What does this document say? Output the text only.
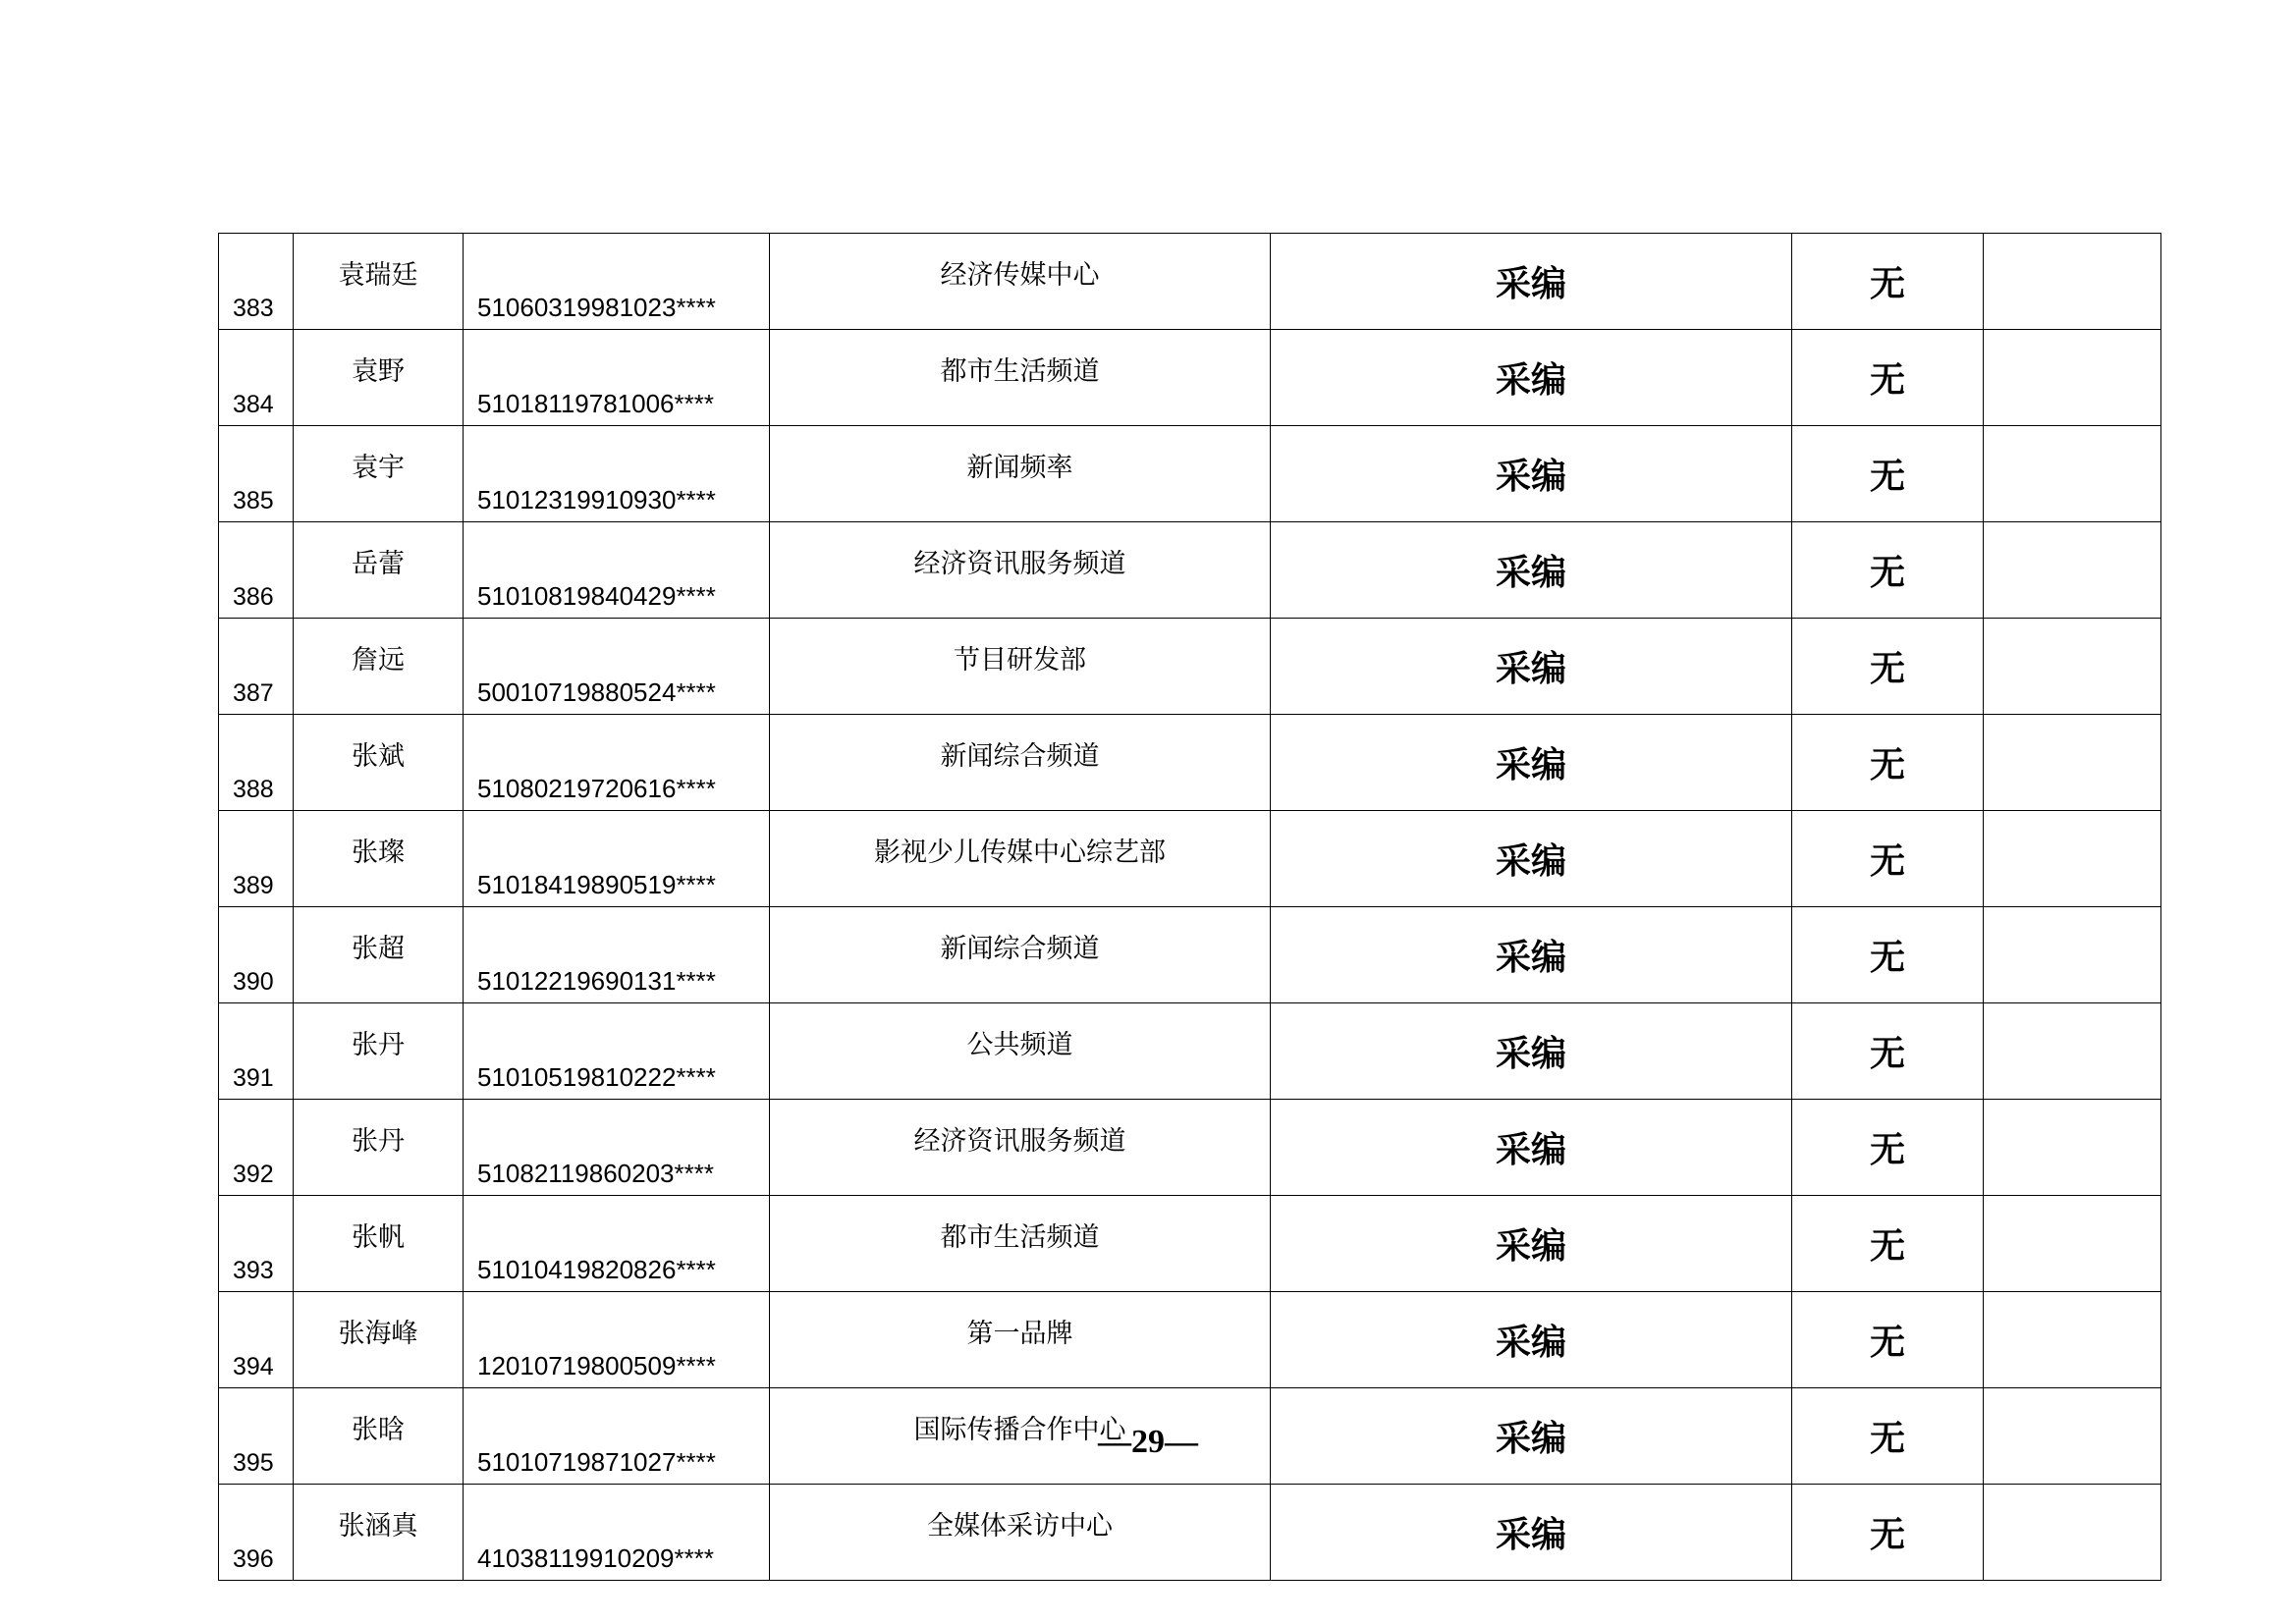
383	袁瑞廷	51060319981023****	经济传媒中心	采编	无	
384	袁野	51018119781006****	都市生活频道	采编	无	
385	袁宇	51012319910930****	新闻频率	采编	无	
386	岳蕾	51010819840429****	经济资讯服务频道	采编	无	
387	詹远	50010719880524****	节目研发部	采编	无	
388	张斌	51080219720616****	新闻综合频道	采编	无	
389	张璨	51018419890519****	影视少儿传媒中心综艺部	采编	无	
390	张超	51012219690131****	新闻综合频道	采编	无	
391	张丹	51010519810222****	公共频道	采编	无	
392	张丹	51082119860203****	经济资讯服务频道	采编	无	
393	张帆	51010419820826****	都市生活频道	采编	无	
394	张海峰	12010719800509****	第一品牌	采编	无	
395	张晗	51010719871027****	国际传播合作中心	采编	无	
396	张涵真	41038119910209****	全媒体采访中心	采编	无	
—29—
